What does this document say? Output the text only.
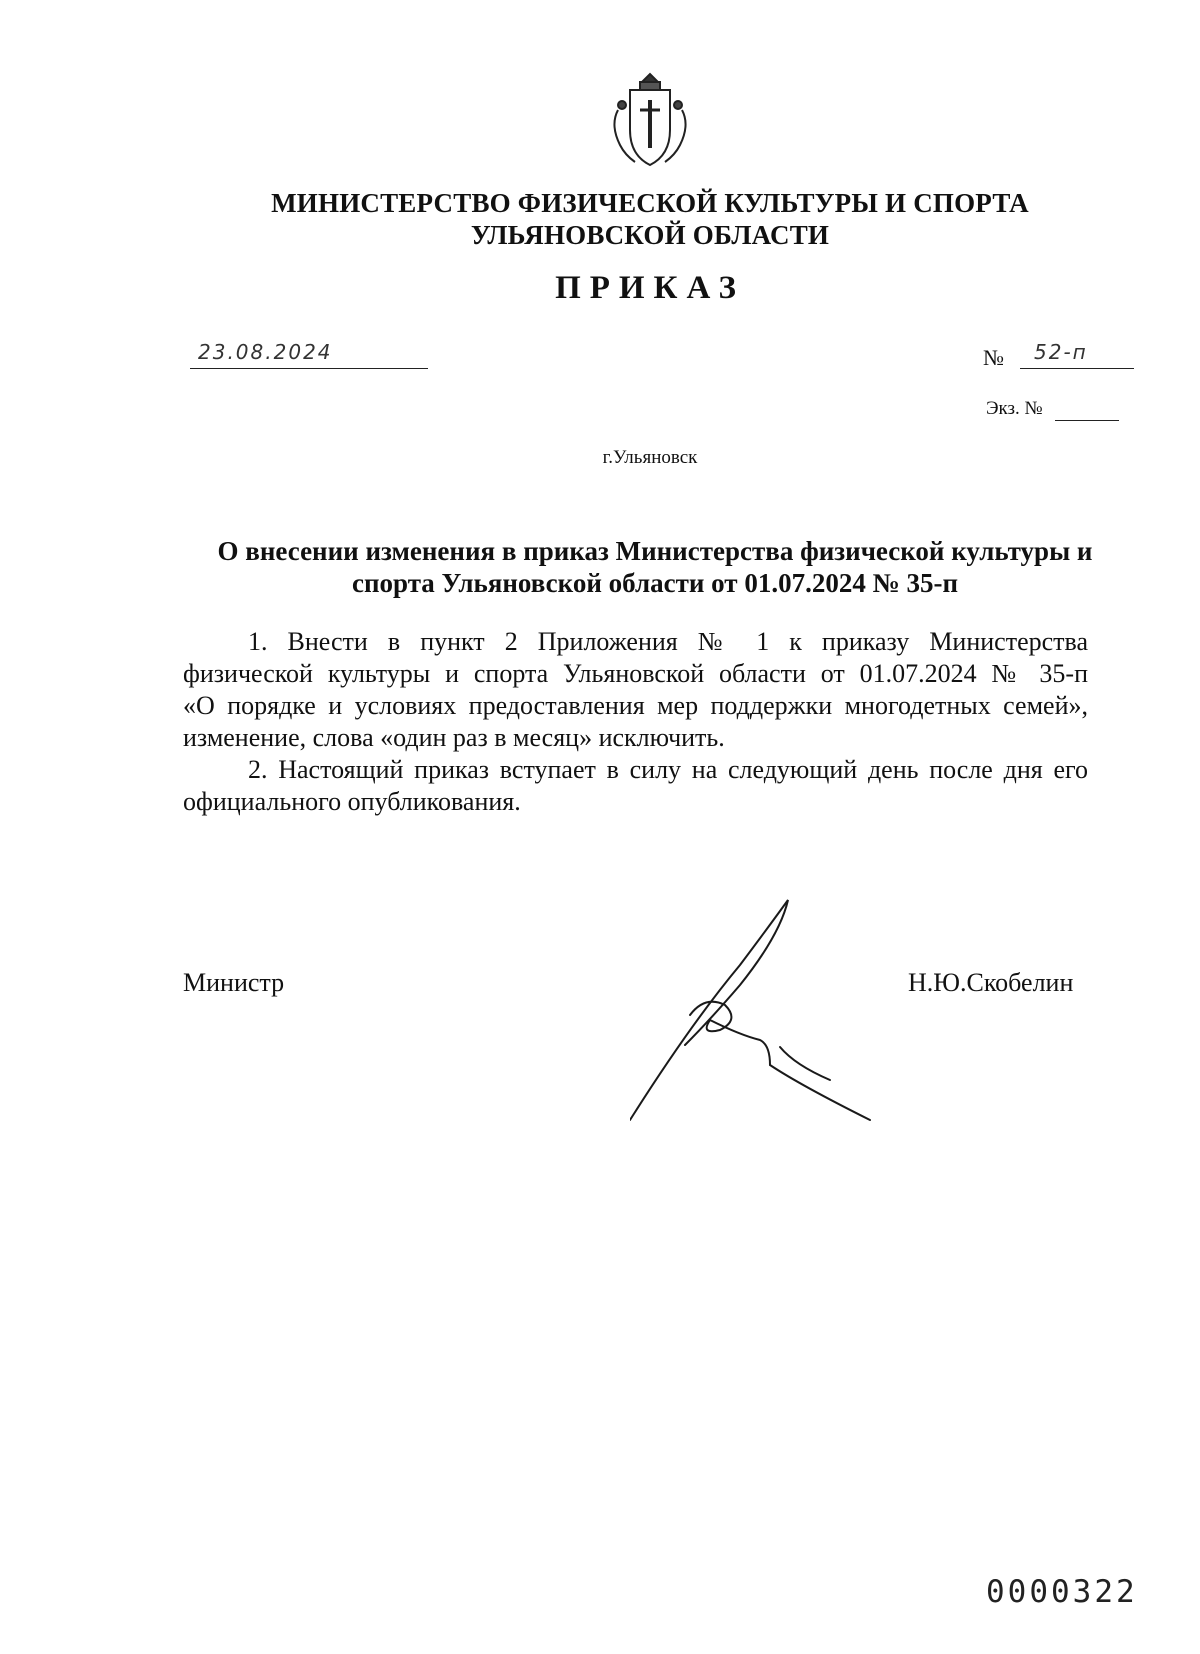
МИНИСТЕРСТВО ФИЗИЧЕСКОЙ КУЛЬТУРЫ И СПОРТА
УЛЬЯНОВСКОЙ ОБЛАСТИ
ПРИКАЗ
23.08.2024	№	52-п
Экз. №
г.Ульяновск
О внесении изменения в приказ Министерства физической культуры и
спорта Ульяновской области от 01.07.2024 № 35-п
1. Внести в пункт 2 Приложения № 1 к приказу Министерства
физической культуры и спорта Ульяновской области от 01.07.2024 № 35-п
«О порядке и условиях предоставления мер поддержки многодетных семей»,
изменение, слова «один раз в месяц» исключить.
2. Настоящий приказ вступает в силу на следующий день после дня его
официального опубликования.
Министр	Н.Ю.Скобелин
0000322
